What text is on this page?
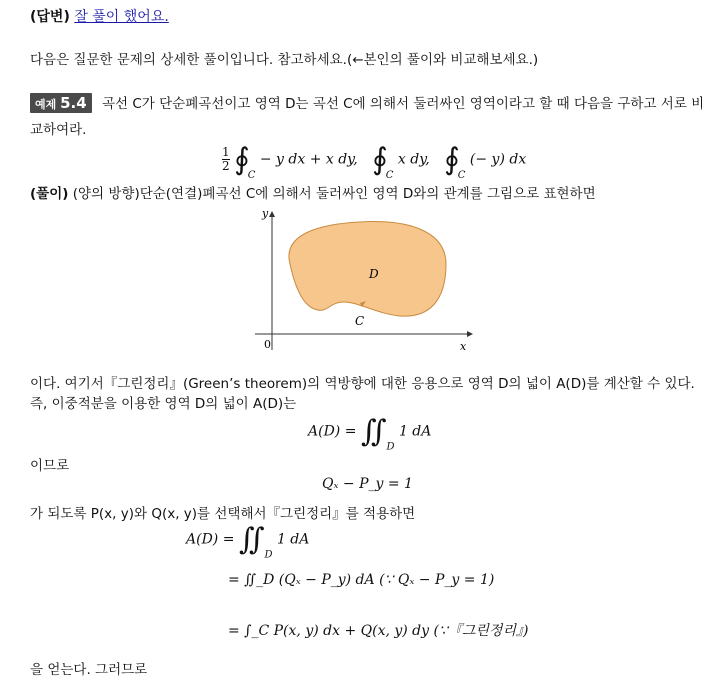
(답변) 잘 풀이 했어요.
다음은 질문한 문제의 상세한 풀이입니다. 참고하세요.(←본인의 풀이와 비교해보세요.)
예제 5.4 곡선 C가 단순폐곡선이고 영역 D는 곡선 C에 의해서 둘러싸인 영역이라고 할 때 다음을 구하고 서로 비
교하여라.
$\frac{1}{2}$ $∮_C - y$ dx + x dy, $∮_C$ x dy, $∮_C$ (− y) dx
(풀이) (양의 방향)단순(연결)폐곡선 C에 의해서 둘러싸인 영역 D와의 관계를 그림으로 표현하면
y
x
0
D
C
이다. 여기서『그린정리』(Green’s theorem)의 역방향에 대한 응용으로 영역 D의 넓이 A(D)를 계산할 수 있다.
즉, 이중적분을 이용한 영역 D의 넓이 A(D)는
$A(D) = ∬_D$ 1 dA
이므로
Qₓ − P_y = 1
가 되도록 P(x, y)와 Q(x, y)를 선택해서『그린정리』를 적용하면
$A(D) = ∬_D$ 1 dA
= ∬_D (Qₓ − P_y) dA (∵ Qₓ − P_y = 1)
= ∫_C P(x, y) dx + Q(x, y) dy (∵『그린정리』)
을 얻는다. 그러므로
